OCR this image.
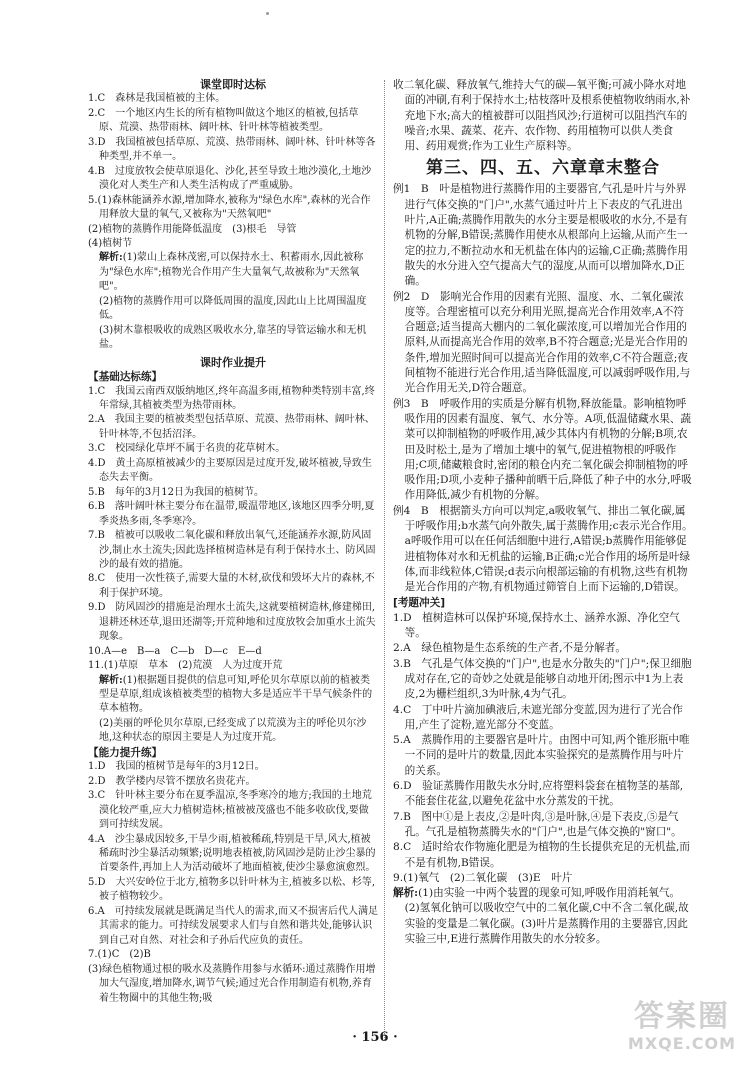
课堂即时达标

1.C　森林是我国植被的主体。

2.C　一个地区内生长的所有植物叫做这个地区的植被,包括草原、荒漠、热带雨林、阔叶林、针叶林等植被类型。

3.D　我国植被包括草原、荒漠、热带雨林、阔叶林、针叶林等各种类型,并不单一。

4.B　过度放牧会使草原退化、沙化,甚至导致土地沙漠化,土地沙漠化对人类生产和人类生活构成了严重威胁。

5.(1)森林能涵养水源,增加降水,被称为"绿色水库",森林的光合作用释放大量的氧气,又被称为"天然氧吧"

(2)植物的蒸腾作用能降低温度　(3)根毛　导管

(4)植树节

解析:(1)蒙山上森林茂密,可以保持水土、积蓄雨水,因此被称为"绿色水库";植物光合作用产生大量氧气,故被称为"天然氧吧"。

(2)植物的蒸腾作用可以降低周围的温度,因此山上比周围温度低。

(3)树木靠根吸收的成熟区吸收水分,靠茎的导管运输水和无机盐。

课时作业提升

【基础达标练】

1.C　我国云南西双版纳地区,终年高温多雨,植物种类特别丰富,终年常绿,其植被类型为热带雨林。

2.A　我国主要的植被类型包括草原、荒漠、热带雨林、阔叶林、针叶林等,不包括沼泽。

3.C　校园绿化草坪不属于名贵的花草树木。

4.D　黄土高原植被减少的主要原因是过度开发,破坏植被,导致生态失去平衡。

5.B　每年的3月12日为我国的植树节。

6.B　落叶阔叶林主要分布在温带,暖温带地区,该地区四季分明,夏季炎热多雨,冬季寒冷。

7.B　植被可以吸收二氧化碳和释放出氧气,还能涵养水源,防风固沙,制止水土流失;因此选择植树造林是有利于保持水土、防风固沙的最有效的措施。

8.C　使用一次性筷子,需要大量的木材,砍伐和毁坏大片的森林,不利于保护环境。

9.D　防风固沙的措施是治理水土流失,这就要植树造林,修建梯田,退耕还林还草,退田还湖等;开荒种地和过度放牧会加重水土流失现象。

10.A—e　B—a　C—b　D—c　E—d

11.(1)草原　草本　(2)荒漠　人为过度开荒

解析:(1)根据题目提供的信息可知,呼伦贝尔草原以前的植被类型是草原,组成该植被类型的植物大多是适应半干旱气候条件的草本植物。

(2)美丽的呼伦贝尔草原,已经变成了以荒漠为主的呼伦贝尔沙地,这种状态的原因主要是人为过度开荒。

【能力提升练】

1.D　我国的植树节是每年的3月12日。

2.D　教学楼内尽管不摆放名贵花卉。

3.C　针叶林主要分布在夏季温凉,冬季寒冷的地方;我国的土地荒漠化较严重,应大力植树造林;植被被茂盛也不能多收砍伐,要做到可持续发展。

4.A　沙尘暴成因较多,干旱少雨,植被稀疏,特别是干旱,风大,植被稀疏时沙尘暴活动频繁;说明地表植被,防风固沙是防止沙尘暴的首要条件,再加上人为活动破坏了地面植被,使沙尘暴愈演愈烈。

5.D　大兴安岭位于北方,植物多以针叶林为主,植被多以松、杉等,被子植物较少。

6.A　可持续发展就是既满足当代人的需求,而又不损害后代人满足其需求的能力。可持续发展要求人们与自然和谐共处,能够认识到自己对自然、对社会和子孙后代应负的责任。

7.(1)C　(2)B

(3)绿色植物通过根的吸水及蒸腾作用参与水循环:通过蒸腾作用增加大气湿度,增加降水,调节气候;通过光合作用制造有机物,养育着生物圈中的其他生物;吸

收二氧化碳、释放氧气,维持大气的碳—氧平衡;可减小降水对地面的冲刷,有利于保持水土;枯枝落叶及根系使植物收纳雨水,补充地下水;高大的植被群可以阻挡风沙;行道树可以阻挡汽车的噪音;水果、蔬菜、花卉、农作物、药用植物可以供人类食用、药用观赏;作为工业生产原料等。

第三、四、五、六章章末整合

例1　B　叶是植物进行蒸腾作用的主要器官,气孔是叶片与外界进行气体交换的"门户",水蒸气通过叶片上下表皮的气孔进出叶片,A正确;蒸腾作用散失的水分主要是根吸收的水分,不是有机物的分解,B错误;蒸腾作用使水从根部向上运输,从而产生一定的拉力,不断拉动水和无机盐在体内的运输,C正确;蒸腾作用散失的水分进入空气提高大气的湿度,从而可以增加降水,D正确。

例2　D　影响光合作用的因素有光照、温度、水、二氧化碳浓度等。合理密植可以充分利用光照,提高光合作用效率,A不符合题意;适当提高大棚内的二氧化碳浓度,可以增加光合作用的原料,从而提高光合作用的效率,B不符合题意;光是光合作用的条件,增加光照时间可以提高光合作用的效率,C不符合题意;夜间植物不能进行光合作用,适当降低温度,可以减弱呼吸作用,与光合作用无关,D符合题意。

例3　B　呼吸作用的实质是分解有机物,释放能量。影响植物呼吸作用的因素有温度、氧气、水分等。A项,低温储藏水果、蔬菜可以抑制植物的呼吸作用,减少其体内有机物的分解;B项,农田及时松土,是为了增加土壤中的氧气,促进植物根的呼吸作用;C项,储藏粮食时,密闭的粮仓内充二氧化碳会抑制植物的呼吸作用;D项,小麦种子播种前晒干后,降低了种子中的水分,呼吸作用降低,减少有机物的分解。

例4　B　根据箭头方向可以判定,a吸收氧气、排出二氧化碳,属于呼吸作用;b水蒸气向外散失,属于蒸腾作用;c表示光合作用。a呼吸作用可以在任何活细胞中进行,A错误;b蒸腾作用能够促进植物体对水和无机盐的运输,B正确;c光合作用的场所是叶绿体,而非线粒体,C错误;d表示向根部运输的有机物,这些有机物是光合作用的产物,有机物通过筛管自上而下运输的,D错误。

[考题冲关]

1.D　植树造林可以保护环境,保持水土、涵养水源、净化空气等。

2.A　绿色植物是生态系统的生产者,不是分解者。

3.B　气孔是气体交换的"门户",也是水分散失的"门户";保卫细胞成对存在,它的奇妙之处就是能够自动地开闭;图示中1为上表皮,2为栅栏组织,3为叶脉,4为气孔。

4.C　丁中叶片滴加碘液后,未遮光部分变蓝,因为进行了光合作用,产生了淀粉,遮光部分不变蓝。

5.A　蒸腾作用的主要器官是叶片。由图中可知,两个锥形瓶中唯一不同的是叶片的数量,因此本实验探究的是蒸腾作用与叶片的关系。

6.D　验证蒸腾作用散失水分时,应将塑料袋套在植物茎的基部,不能套住花盆,以避免花盆中水分蒸发的干扰。

7.B　图中①是上表皮,②是叶肉,③是叶脉,④是下表皮,⑤是气孔。气孔是植物蒸腾失水的"门户",也是气体交换的"窗口"。

8.C　适时给农作物施化肥是为植物的生长提供充足的无机盐,而不是有机物,B错误。

9.(1)氧气　(2)二氧化碳　(3)E　叶片

解析:(1)由实验一中两个装置的现象可知,呼吸作用消耗氧气。(2)氢氧化钠可以吸收空气中的二氧化碳,C中不含二氧化碳,故实验的变量是二氧化碳。(3)叶片是蒸腾作用的主要器官,因此实验三中,E进行蒸腾作用散失的水分较多。

· 156 ·
答案圈
MXQE.COM
